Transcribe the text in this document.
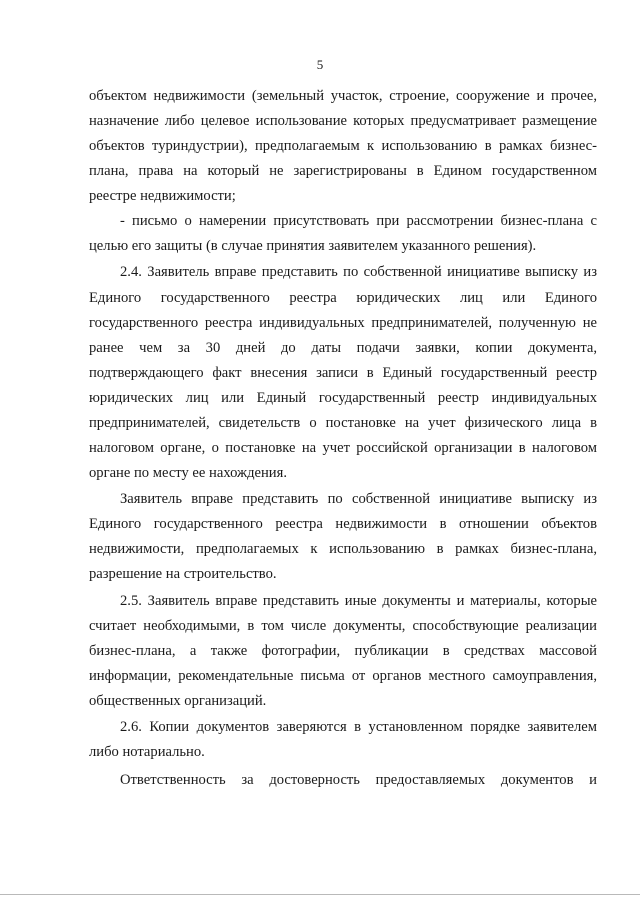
5
объектом недвижимости (земельный участок, строение, сооружение и прочее,
назначение либо целевое использование которых предусматривает размещение
объектов туриндустрии), предполагаемым к использованию в рамках бизнес-
плана, права на который не зарегистрированы в Едином государственном
реестре недвижимости;
- письмо о намерении присутствовать при рассмотрении бизнес-плана с
целью его защиты (в случае принятия заявителем указанного решения).
2.4. Заявитель вправе представить по собственной инициативе выписку из
Единого государственного реестра юридических лиц или Единого
государственного реестра индивидуальных предпринимателей, полученную не
ранее чем за 30 дней до даты подачи заявки, копии документа,
подтверждающего факт внесения записи в Единый государственный реестр
юридических лиц или Единый государственный реестр индивидуальных
предпринимателей, свидетельств о постановке на учет физического лица в
налоговом органе, о постановке на учет российской организации в налоговом
органе по месту ее нахождения.
Заявитель вправе представить по собственной инициативе выписку из
Единого государственного реестра недвижимости в отношении объектов
недвижимости, предполагаемых к использованию в рамках бизнес-плана,
разрешение на строительство.
2.5. Заявитель вправе представить иные документы и материалы, которые
считает необходимыми, в том числе документы, способствующие реализации
бизнес-плана, а также фотографии, публикации в средствах массовой
информации, рекомендательные письма от органов местного самоуправления,
общественных организаций.
2.6. Копии документов заверяются в установленном порядке заявителем
либо нотариально.
Ответственность за достоверность предоставляемых документов и
